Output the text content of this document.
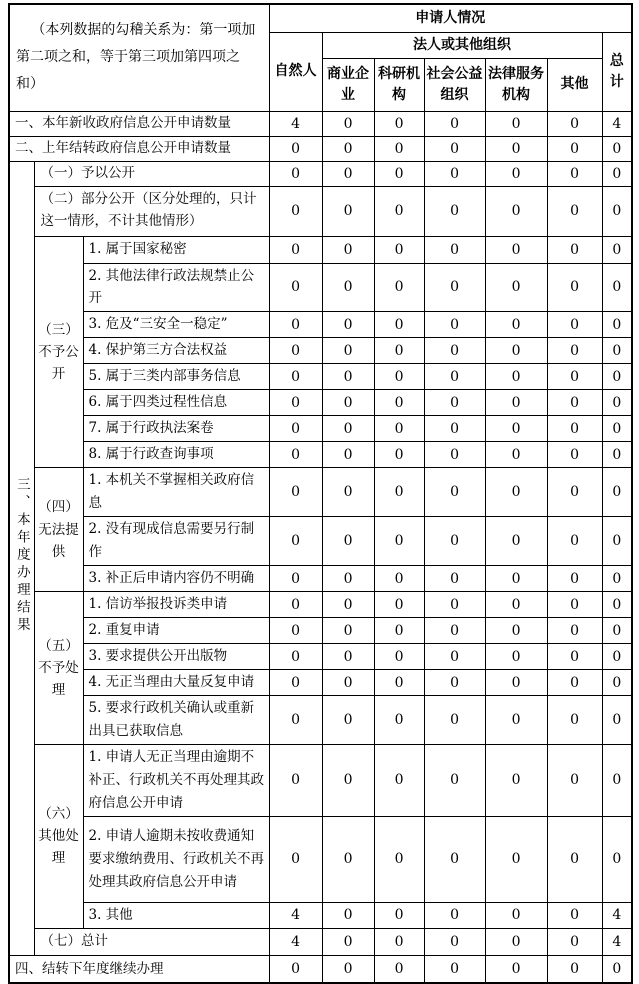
（本列数据的勾稽关系为：第一项加第二项之和，等于第三项加第四项之和）			申请人情况						
			自然人	法人或其他组织					总计
				商业企业	科研机构	社会公益组织	法律服务机构	其他	
一、本年新收政府信息公开申请数量			4	0	0	0	0	0	4
二、上年结转政府信息公开申请数量			0	0	0	0	0	0	0
三、本年度办理结果	（一）予以公开		0	0	0	0	0	0	0
	（二）部分公开（区分处理的，只计这一情形，不计其他情形）		0	0	0	0	0	0	0
	（三）不予公开	1. 属于国家秘密	0	0	0	0	0	0	0
		2. 其他法律行政法规禁止公开	0	0	0	0	0	0	0
		3. 危及“三安全一稳定”	0	0	0	0	0	0	0
		4. 保护第三方合法权益	0	0	0	0	0	0	0
		5. 属于三类内部事务信息	0	0	0	0	0	0	0
		6. 属于四类过程性信息	0	0	0	0	0	0	0
		7. 属于行政执法案卷	0	0	0	0	0	0	0
		8. 属于行政查询事项	0	0	0	0	0	0	0
	（四）无法提供	1. 本机关不掌握相关政府信息	0	0	0	0	0	0	0
		2. 没有现成信息需要另行制作	0	0	0	0	0	0	0
		3. 补正后申请内容仍不明确	0	0	0	0	0	0	0
	（五）不予处理	1. 信访举报投诉类申请	0	0	0	0	0	0	0
		2. 重复申请	0	0	0	0	0	0	0
		3. 要求提供公开出版物	0	0	0	0	0	0	0
		4. 无正当理由大量反复申请	0	0	0	0	0	0	0
		5. 要求行政机关确认或重新出具已获取信息	0	0	0	0	0	0	0
	（六）其他处理	1. 申请人无正当理由逾期不补正、行政机关不再处理其政府信息公开申请	0	0	0	0	0	0	0
		2. 申请人逾期未按收费通知要求缴纳费用、行政机关不再处理其政府信息公开申请	0	0	0	0	0	0	0
		3. 其他	4	0	0	0	0	0	4
	（七）总计		4	0	0	0	0	0	4
四、结转下年度继续办理			0	0	0	0	0	0	0
